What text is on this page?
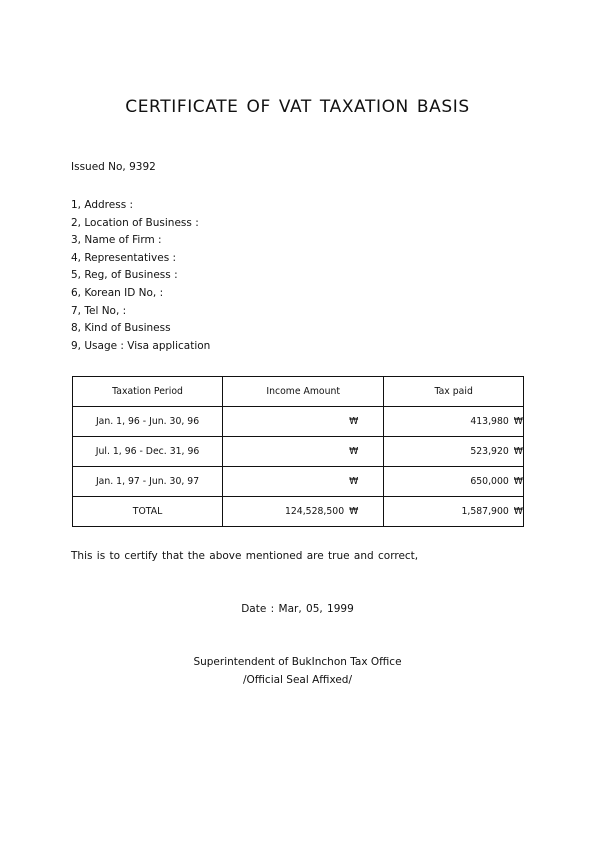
CERTIFICATE OF VAT TAXATION BASIS
Issued No, 9392
1, Address :
2, Location of Business :
3, Name of Firm :
4, Representatives :
5, Reg, of Business :
6, Korean ID No, :
7, Tel No, :
8, Kind of Business
9, Usage : Visa application
Taxation Period	Income Amount	Tax paid
Jan. 1, 96 - Jun. 30, 96	₩	413,980 ₩
Jul. 1, 96 - Dec. 31, 96	₩	523,920 ₩
Jan. 1, 97 - Jun. 30, 97	₩	650,000 ₩
TOTAL	124,528,500 ₩	1,587,900 ₩
This is to certify that the above mentioned are true and correct,
Date : Mar, 05, 1999
Superintendent of BukInchon Tax Office
/Official Seal Affixed/
